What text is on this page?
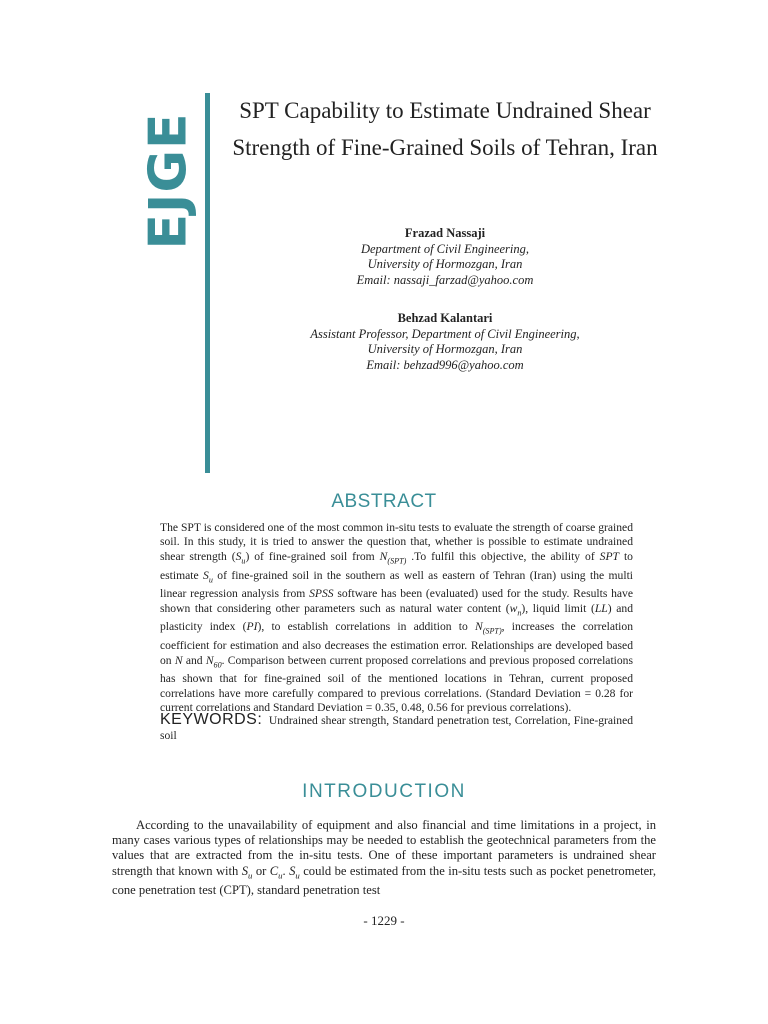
EJGE
SPT Capability to Estimate Undrained Shear Strength of Fine-Grained Soils of Tehran, Iran
Frazad Nassaji
Department of Civil Engineering,
University of Hormozgan, Iran
Email: nassaji_farzad@yahoo.com
Behzad Kalantari
Assistant Professor, Department of Civil Engineering,
University of Hormozgan, Iran
Email: behzad996@yahoo.com
ABSTRACT
The SPT is considered one of the most common in-situ tests to evaluate the strength of coarse grained soil. In this study, it is tried to answer the question that, whether is possible to estimate undrained shear strength $(S_u)$ of fine-grained soil from $N_{(SPT)}$ .To fulfil this objective, the ability of SPT to estimate $S_u$ of fine-grained soil in the southern as well as eastern of Tehran (Iran) using the multi linear regression analysis from SPSS software has been (evaluated) used for the study. Results have shown that considering other parameters such as natural water content $(w_n)$, liquid limit (LL) and plasticity index (PI), to establish correlations in addition to $N_{(SPT)}$, increases the correlation coefficient for estimation and also decreases the estimation error. Relationships are developed based on N and $N_{60}$. Comparison between current proposed correlations and previous proposed correlations has shown that for fine-grained soil of the mentioned locations in Tehran, current proposed correlations have more carefully compared to previous correlations. (Standard Deviation = 0.28 for current correlations and Standard Deviation = 0.35, 0.48, 0.56 for previous correlations).
KEYWORDS: Undrained shear strength, Standard penetration test, Correlation, Fine-grained soil
INTRODUCTION
According to the unavailability of equipment and also financial and time limitations in a project, in many cases various types of relationships may be needed to establish the geotechnical parameters from the values that are extracted from the in-situ tests. One of these important parameters is undrained shear strength that known with $S_u$ or $C_u$. $S_u$ could be estimated from the in-situ tests such as pocket penetrometer, cone penetration test (CPT), standard penetration test
- 1229 -
